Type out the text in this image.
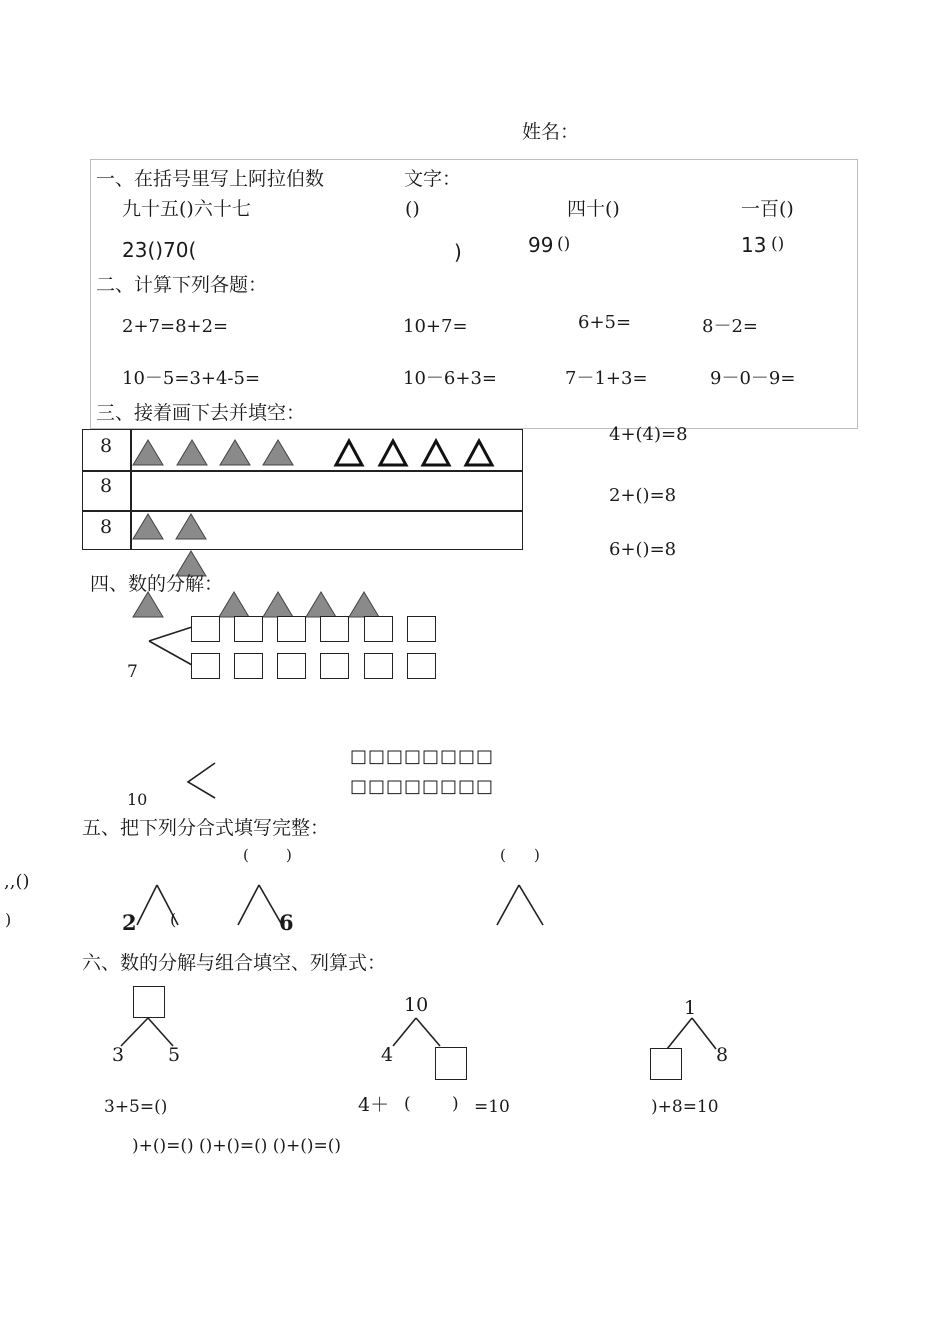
姓名：
一、在括号里写上阿拉伯数	文字：
九十五()六十七	()	四十()	一百()
23()70(	)	99 ()	13 ()
二、计算下列各题：
2+7=8+2=	10+7=	6+5=	8－2=
10－5=3+4-5=	10－6+3=	7－1+3=	9－0－9=
三、接着画下去并填空：
8
8
8
4+(4)=8
2+()=8
6+()=8
四、数的分解：
7
10
□□□□□□□□
□□□□□□□□
五、把下列分合式填写完整：
,,()
)
( )	( )
2 (	6
六、数的分解与组合填空、列算式：
3 5
10
4
1
8
3+5=()	4＋ ( ) =10	)+8=10
)+()=() ()+()=() ()+()=()
